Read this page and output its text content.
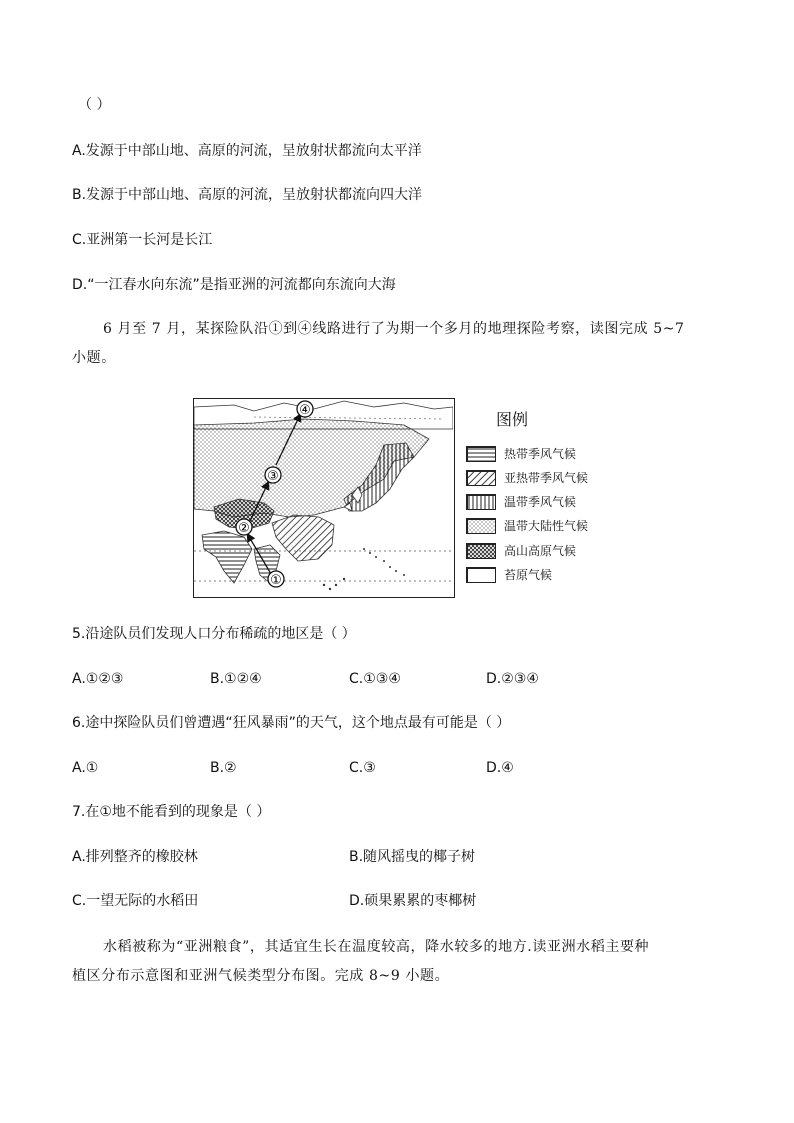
（ ）
A.发源于中部山地、高原的河流，呈放射状都流向太平洋
B.发源于中部山地、高原的河流，呈放射状都流向四大洋
C.亚洲第一长河是长江
D.“一江春水向东流”是指亚洲的河流都向东流向大海
6 月至 7 月，某探险队沿①到④线路进行了为期一个多月的地理探险考察，读图完成 5~7
小题。
①
②
③
④	图例
热带季风气候
亚热带季风气候
温带季风气候
温带大陆性气候
高山高原气候
苔原气候
5.沿途队员们发现人口分布稀疏的地区是（ ）
A.①②③	B.①②④	C.①③④	D.②③④
6.途中探险队员们曾遭遇“狂风暴雨”的天气，这个地点最有可能是（ ）
A.①	B.②	C.③	D.④
7.在①地不能看到的现象是（ ）
A.排列整齐的橡胶林	B.随风摇曳的椰子树
C.一望无际的水稻田	D.硕果累累的枣椰树
水稻被称为“亚洲粮食”，其适宜生长在温度较高，降水较多的地方.读亚洲水稻主要种
植区分布示意图和亚洲气候类型分布图。完成 8~9 小题。
